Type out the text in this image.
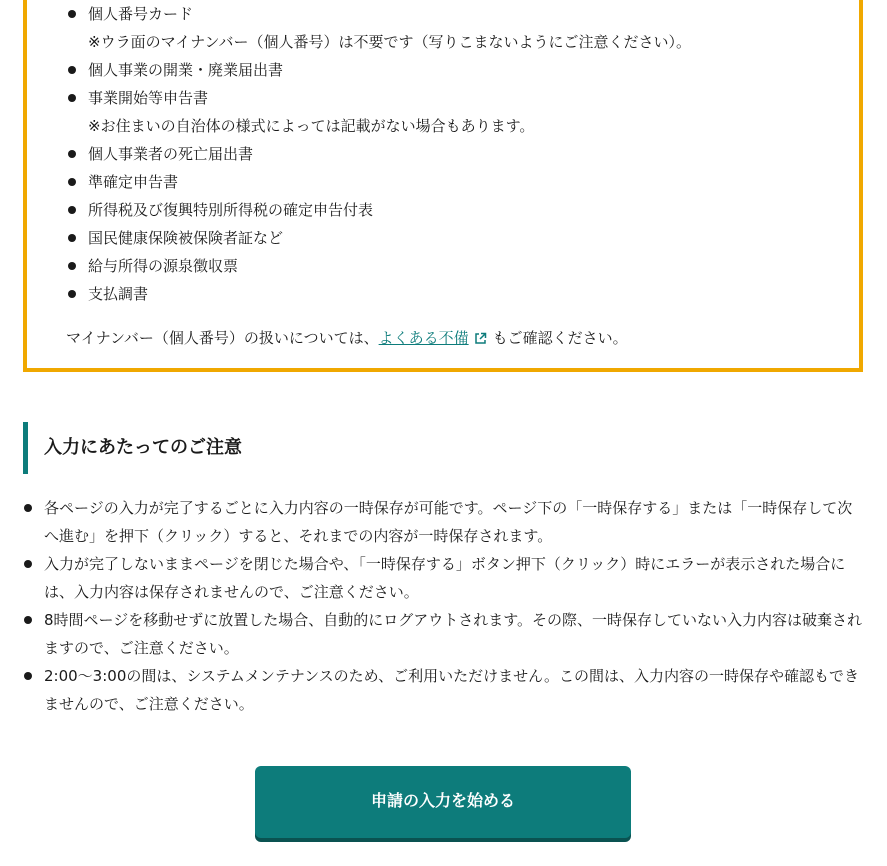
個人番号カード
※ウラ面のマイナンバー（個人番号）は不要です（写りこまないようにご注意ください）。
個人事業の開業・廃業届出書
事業開始等申告書
※お住まいの自治体の様式によっては記載がない場合もあります。
個人事業者の死亡届出書
準確定申告書
所得税及び復興特別所得税の確定申告付表
国民健康保険被保険者証など
給与所得の源泉徴収票
支払調書

マイナンバー（個人番号）の扱いについては、よくある不備 もご確認ください。

入力にあたってのご注意
各ページの入力が完了するごとに入力内容の一時保存が可能です。ページ下の「一時保存する」または「一時保存して次へ進む」を押下（クリック）すると、それまでの内容が一時保存されます。
入力が完了しないままページを閉じた場合や、「一時保存する」ボタン押下（クリック）時にエラーが表示された場合には、入力内容は保存されませんので、ご注意ください。
8時間ページを移動せずに放置した場合、自動的にログアウトされます。その際、一時保存していない入力内容は破棄されますので、ご注意ください。
2:00〜3:00の間は、システムメンテナンスのため、ご利用いただけません。この間は、入力内容の一時保存や確認もできませんので、ご注意ください。
申請の入力を始める
